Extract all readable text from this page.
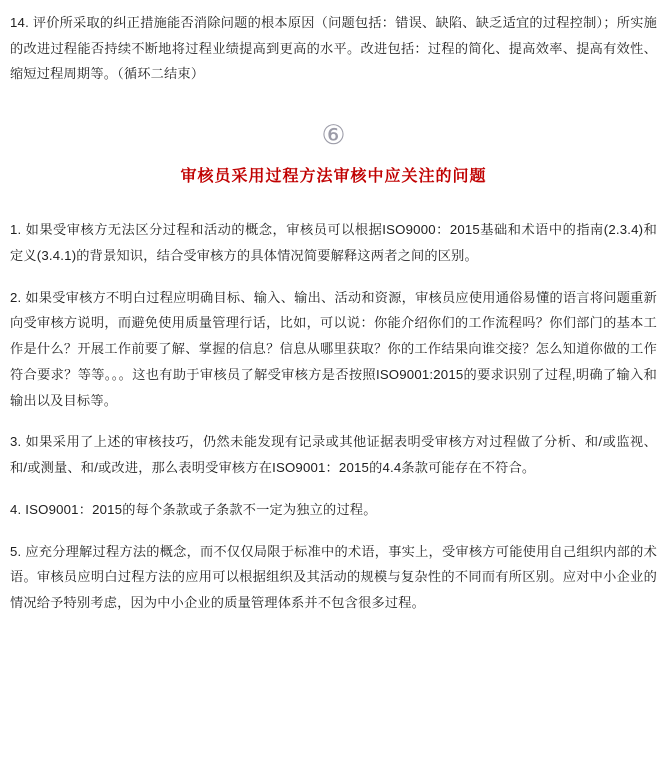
14. 评价所采取的纠正措施能否消除问题的根本原因（问题包括：错误、缺陷、缺乏适宜的过程控制）；所实施的改进过程能否持续不断地将过程业绩提高到更高的水平。改进包括：过程的简化、提高效率、提高有效性、缩短过程周期等。（循环二结束）

⑥
审核员采用过程方法审核中应关注的问题

1. 如果受审核方无法区分过程和活动的概念，审核员可以根据ISO9000：2015基础和术语中的指南(2.3.4)和定义(3.4.1)的背景知识，结合受审核方的具体情况简要解释这两者之间的区别。

2. 如果受审核方不明白过程应明确目标、输入、输出、活动和资源，审核员应使用通俗易懂的语言将问题重新向受审核方说明，而避免使用质量管理行话，比如，可以说：你能介绍你们的工作流程吗？你们部门的基本工作是什么？开展工作前要了解、掌握的信息？信息从哪里获取？你的工作结果向谁交接？怎么知道你做的工作符合要求？等等。。。这也有助于审核员了解受审核方是否按照ISO9001:2015的要求识别了过程,明确了输入和输出以及目标等。

3. 如果采用了上述的审核技巧，仍然未能发现有记录或其他证据表明受审核方对过程做了分析、和/或监视、和/或测量、和/或改进，那么表明受审核方在ISO9001：2015的4.4条款可能存在不符合。

4. ISO9001：2015的每个条款或子条款不一定为独立的过程。

5. 应充分理解过程方法的概念，而不仅仅局限于标准中的术语，事实上，受审核方可能使用自己组织内部的术语。审核员应明白过程方法的应用可以根据组织及其活动的规模与复杂性的不同而有所区别。应对中小企业的情况给予特别考虑，因为中小企业的质量管理体系并不包含很多过程。
